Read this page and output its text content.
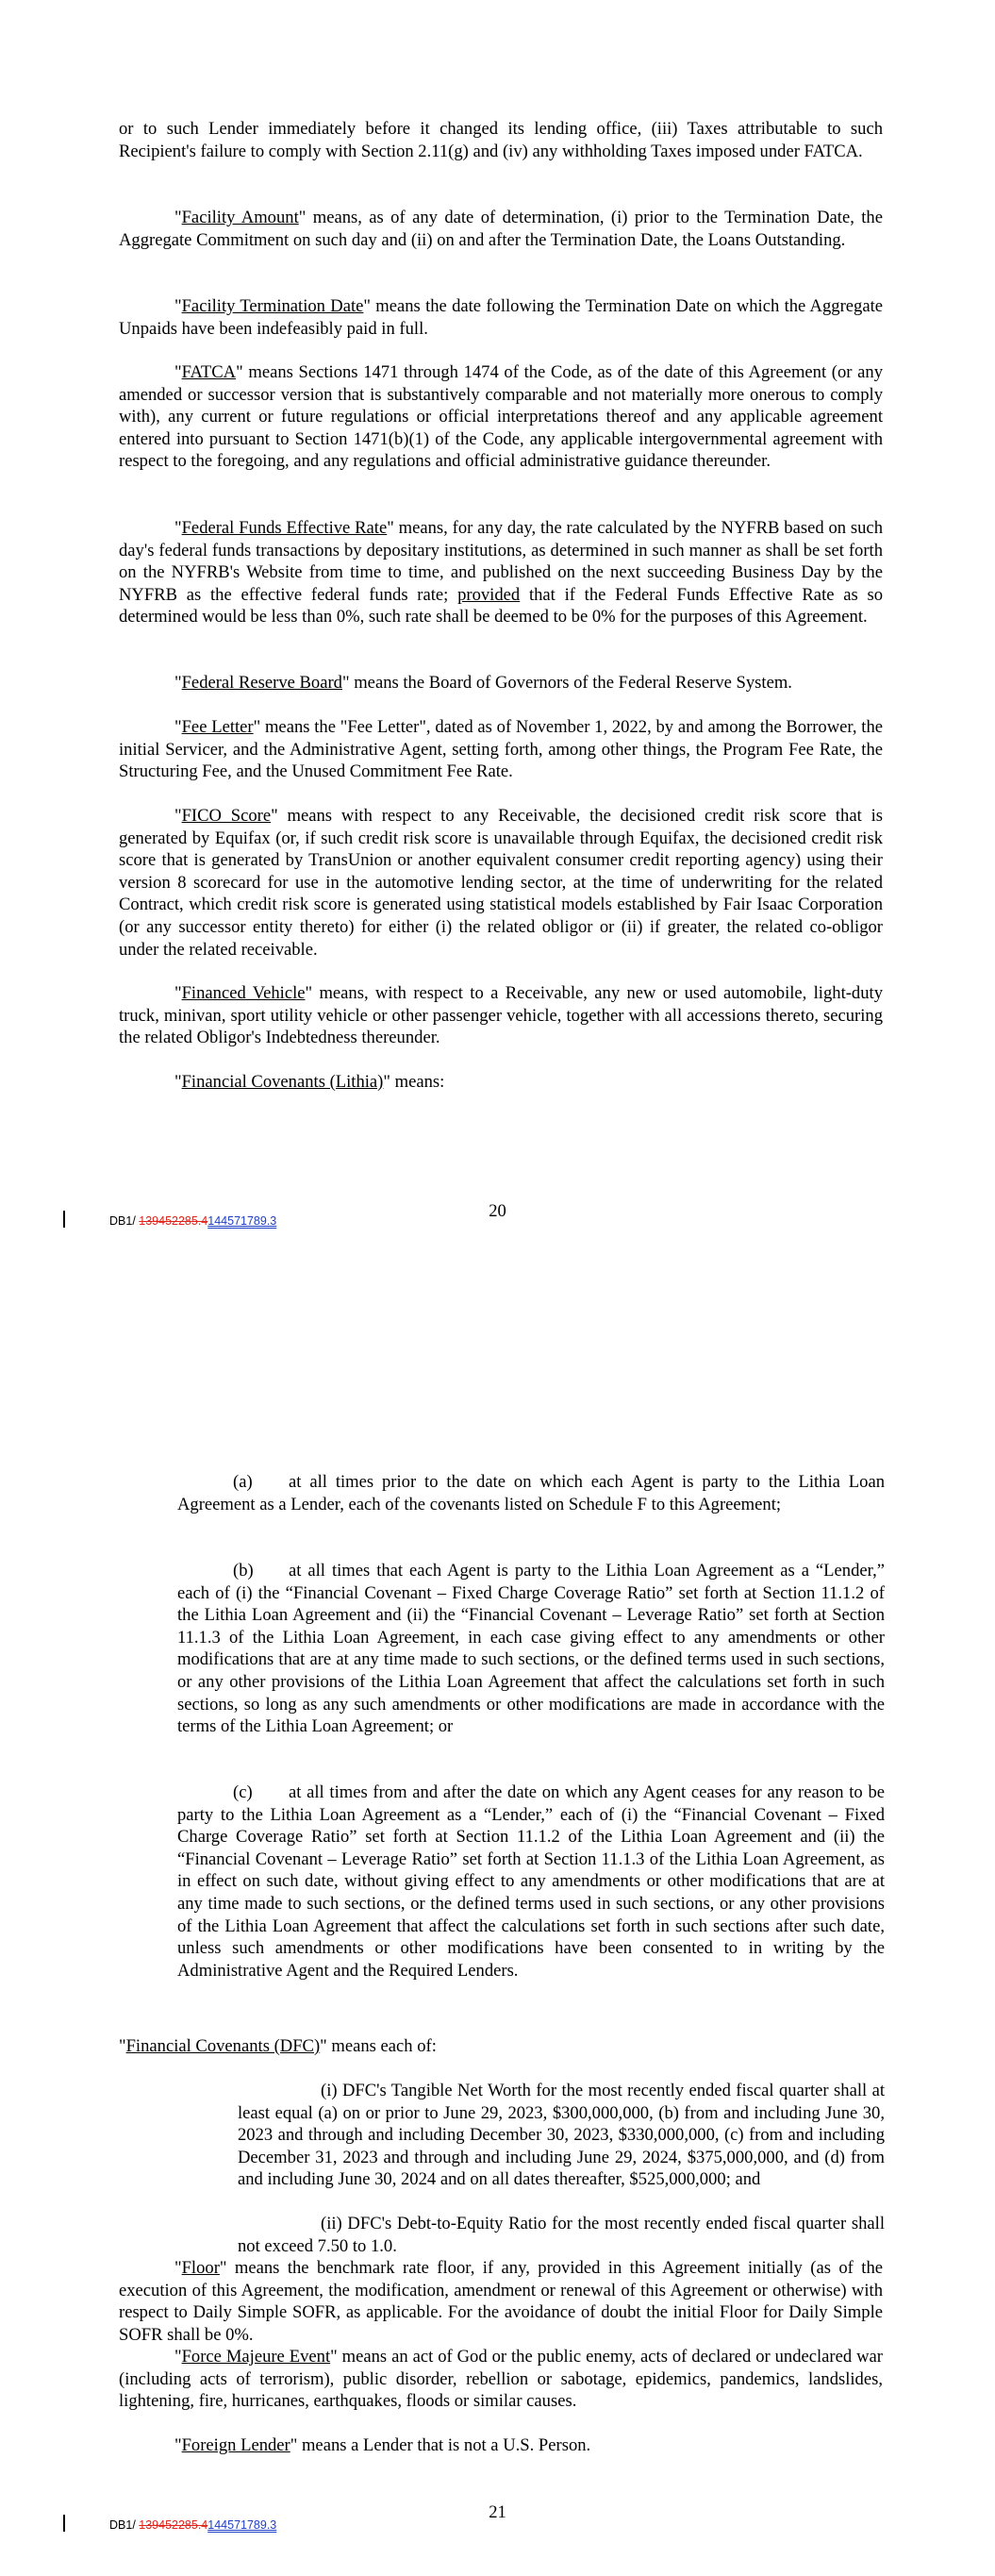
or to such Lender immediately before it changed its lending office, (iii) Taxes attributable to such Recipient's failure to comply with Section 2.11(g) and (iv) any withholding Taxes imposed under FATCA.

"Facility Amount" means, as of any date of determination, (i) prior to the Termination Date, the Aggregate Commitment on such day and (ii) on and after the Termination Date, the Loans Outstanding.

"Facility Termination Date" means the date following the Termination Date on which the Aggregate Unpaids have been indefeasibly paid in full.

"FATCA" means Sections 1471 through 1474 of the Code, as of the date of this Agreement (or any amended or successor version that is substantively comparable and not materially more onerous to comply with), any current or future regulations or official interpretations thereof and any applicable agreement entered into pursuant to Section 1471(b)(1) of the Code, any applicable intergovernmental agreement with respect to the foregoing, and any regulations and official administrative guidance thereunder.

"Federal Funds Effective Rate" means, for any day, the rate calculated by the NYFRB based on such day's federal funds transactions by depositary institutions, as determined in such manner as shall be set forth on the NYFRB's Website from time to time, and published on the next succeeding Business Day by the NYFRB as the effective federal funds rate; provided that if the Federal Funds Effective Rate as so determined would be less than 0%, such rate shall be deemed to be 0% for the purposes of this Agreement.

"Federal Reserve Board" means the Board of Governors of the Federal Reserve System.

"Fee Letter" means the "Fee Letter", dated as of November 1, 2022, by and among the Borrower, the initial Servicer, and the Administrative Agent, setting forth, among other things, the Program Fee Rate, the Structuring Fee, and the Unused Commitment Fee Rate.

"FICO Score" means with respect to any Receivable, the decisioned credit risk score that is generated by Equifax (or, if such credit risk score is unavailable through Equifax, the decisioned credit risk score that is generated by TransUnion or another equivalent consumer credit reporting agency) using their version 8 scorecard for use in the automotive lending sector, at the time of underwriting for the related Contract, which credit risk score is generated using statistical models established by Fair Isaac Corporation (or any successor entity thereto) for either (i) the related obligor or (ii) if greater, the related co-obligor under the related receivable.

"Financed Vehicle" means, with respect to a Receivable, any new or used automobile, light-duty truck, minivan, sport utility vehicle or other passenger vehicle, together with all accessions thereto, securing the related Obligor's Indebtedness thereunder.

"Financial Covenants (Lithia)" means:

20
DB1/ 139452285.4144571789.3

(a) at all times prior to the date on which each Agent is party to the Lithia Loan Agreement as a Lender, each of the covenants listed on Schedule F to this Agreement;

(b) at all times that each Agent is party to the Lithia Loan Agreement as a “Lender,” each of (i) the “Financial Covenant – Fixed Charge Coverage Ratio” set forth at Section 11.1.2 of the Lithia Loan Agreement and (ii) the “Financial Covenant – Leverage Ratio” set forth at Section 11.1.3 of the Lithia Loan Agreement, in each case giving effect to any amendments or other modifications that are at any time made to such sections, or the defined terms used in such sections, or any other provisions of the Lithia Loan Agreement that affect the calculations set forth in such sections, so long as any such amendments or other modifications are made in accordance with the terms of the Lithia Loan Agreement; or

(c) at all times from and after the date on which any Agent ceases for any reason to be party to the Lithia Loan Agreement as a “Lender,” each of (i) the “Financial Covenant – Fixed Charge Coverage Ratio” set forth at Section 11.1.2 of the Lithia Loan Agreement and (ii) the “Financial Covenant – Leverage Ratio” set forth at Section 11.1.3 of the Lithia Loan Agreement, as in effect on such date, without giving effect to any amendments or other modifications that are at any time made to such sections, or the defined terms used in such sections, or any other provisions of the Lithia Loan Agreement that affect the calculations set forth in such sections after such date, unless such amendments or other modifications have been consented to in writing by the Administrative Agent and the Required Lenders.

"Financial Covenants (DFC)" means each of:

(i) DFC's Tangible Net Worth for the most recently ended fiscal quarter shall at least equal (a) on or prior to June 29, 2023, $300,000,000, (b) from and including June 30, 2023 and through and including December 30, 2023, $330,000,000, (c) from and including December 31, 2023 and through and including June 29, 2024, $375,000,000, and (d) from and including June 30, 2024 and on all dates thereafter, $525,000,000; and

(ii) DFC's Debt-to-Equity Ratio for the most recently ended fiscal quarter shall not exceed 7.50 to 1.0.

"Floor" means the benchmark rate floor, if any, provided in this Agreement initially (as of the execution of this Agreement, the modification, amendment or renewal of this Agreement or otherwise) with respect to Daily Simple SOFR, as applicable. For the avoidance of doubt the initial Floor for Daily Simple SOFR shall be 0%.

"Force Majeure Event" means an act of God or the public enemy, acts of declared or undeclared war (including acts of terrorism), public disorder, rebellion or sabotage, epidemics, pandemics, landslides, lightening, fire, hurricanes, earthquakes, floods or similar causes.

"Foreign Lender" means a Lender that is not a U.S. Person.

21
DB1/ 139452285.4144571789.3
